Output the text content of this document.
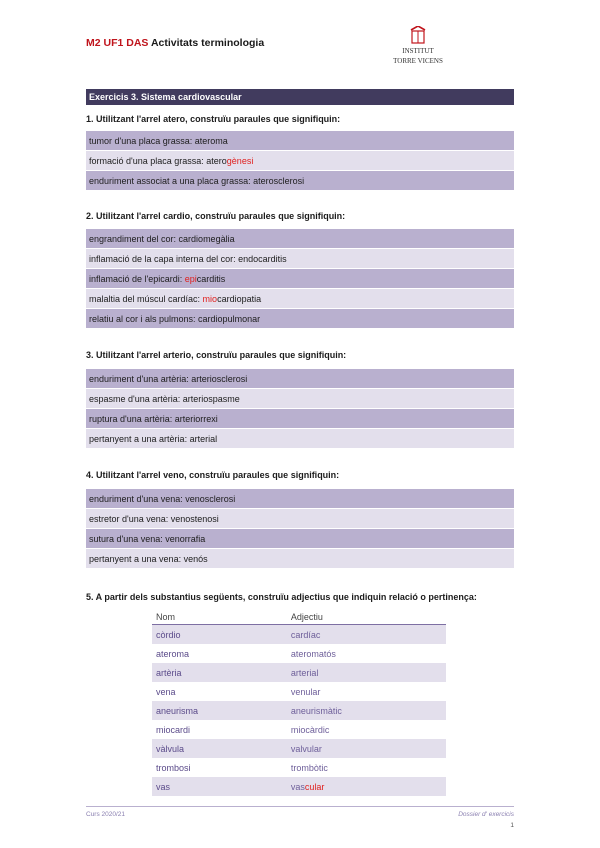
M2 UF1 DAS Activitats terminologia
INSTITUT
TORRE VICENS
Exercicis 3. Sistema cardiovascular
1. Utilitzant l'arrel atero, construïu paraules que signifiquin:
tumor d'una placa grassa: ateroma
formació d'una placa grassa: aterogènesi
enduriment associat a una placa grassa: aterosclerosi
2. Utilitzant l'arrel cardio, construïu paraules que signifiquin:
engrandiment del cor: cardiomegàlia
inflamació de la capa interna del cor: endocarditis
inflamació de l'epicardi: epicarditis
malaltia del múscul cardíac: miocardiopatia
relatiu al cor i als pulmons: cardiopulmonar
3. Utilitzant l'arrel arterio, construïu paraules que signifiquin:
enduriment d'una artèria: arteriosclerosi
espasme d'una artèria: arteriospasme
ruptura d'una artèria: arteriorrexi
pertanyent a una artèria: arterial
4. Utilitzant l'arrel veno, construïu paraules que signifiquin:
enduriment d'una vena: venosclerosi
estretor d'una vena: venostenosi
sutura d'una vena: venorrafia
pertanyent a una vena: venós
5. A partir dels substantius següents, construïu adjectius que indiquin relació o pertinença:
Nom	Adjectiu
còrdio	cardíac
ateroma	ateromatós
artèria	arterial
vena	venular
aneurisma	aneurismàtic
miocardi	miocàrdic
vàlvula	valvular
trombosi	trombòtic
vas	vascular
Curs 2020/21	Dossier d' exercicis
1
